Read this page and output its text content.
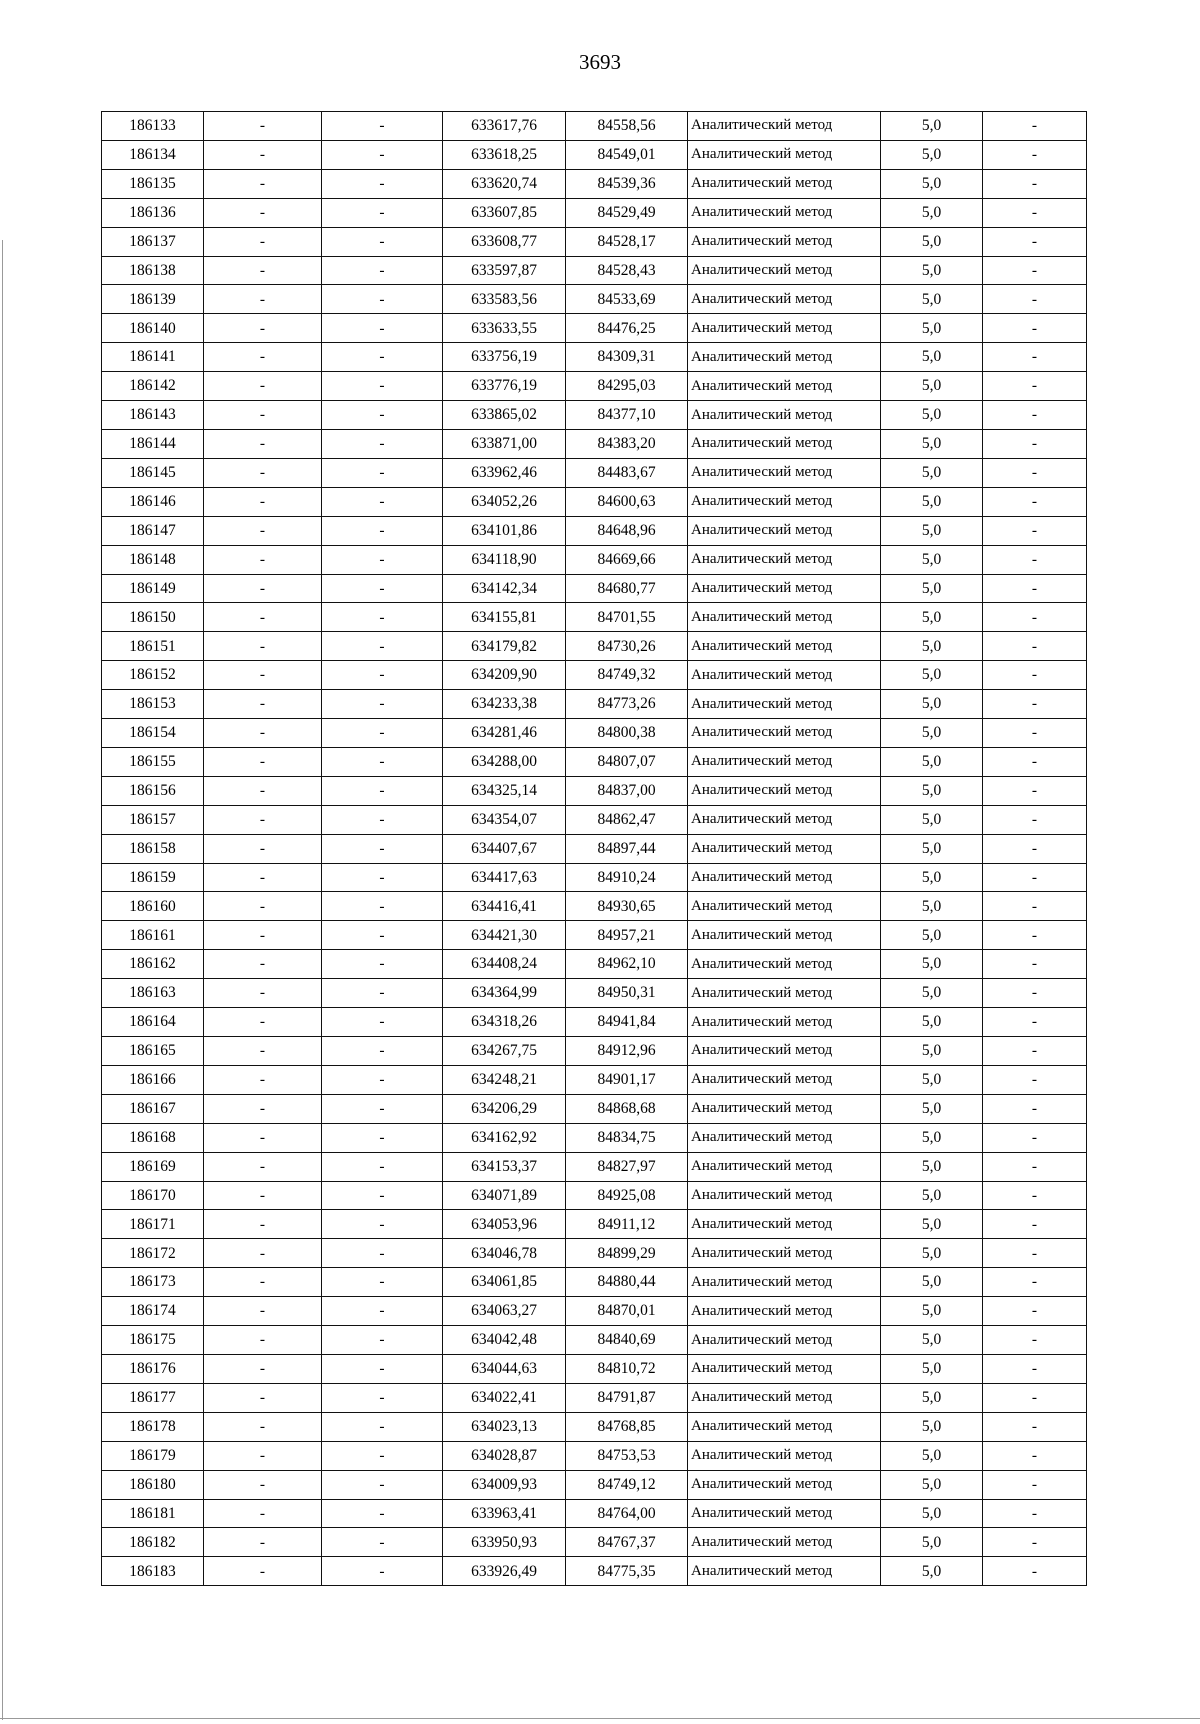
3693
186133	-	-	633617,76	84558,56	Аналитический метод	5,0	-
186134	-	-	633618,25	84549,01	Аналитический метод	5,0	-
186135	-	-	633620,74	84539,36	Аналитический метод	5,0	-
186136	-	-	633607,85	84529,49	Аналитический метод	5,0	-
186137	-	-	633608,77	84528,17	Аналитический метод	5,0	-
186138	-	-	633597,87	84528,43	Аналитический метод	5,0	-
186139	-	-	633583,56	84533,69	Аналитический метод	5,0	-
186140	-	-	633633,55	84476,25	Аналитический метод	5,0	-
186141	-	-	633756,19	84309,31	Аналитический метод	5,0	-
186142	-	-	633776,19	84295,03	Аналитический метод	5,0	-
186143	-	-	633865,02	84377,10	Аналитический метод	5,0	-
186144	-	-	633871,00	84383,20	Аналитический метод	5,0	-
186145	-	-	633962,46	84483,67	Аналитический метод	5,0	-
186146	-	-	634052,26	84600,63	Аналитический метод	5,0	-
186147	-	-	634101,86	84648,96	Аналитический метод	5,0	-
186148	-	-	634118,90	84669,66	Аналитический метод	5,0	-
186149	-	-	634142,34	84680,77	Аналитический метод	5,0	-
186150	-	-	634155,81	84701,55	Аналитический метод	5,0	-
186151	-	-	634179,82	84730,26	Аналитический метод	5,0	-
186152	-	-	634209,90	84749,32	Аналитический метод	5,0	-
186153	-	-	634233,38	84773,26	Аналитический метод	5,0	-
186154	-	-	634281,46	84800,38	Аналитический метод	5,0	-
186155	-	-	634288,00	84807,07	Аналитический метод	5,0	-
186156	-	-	634325,14	84837,00	Аналитический метод	5,0	-
186157	-	-	634354,07	84862,47	Аналитический метод	5,0	-
186158	-	-	634407,67	84897,44	Аналитический метод	5,0	-
186159	-	-	634417,63	84910,24	Аналитический метод	5,0	-
186160	-	-	634416,41	84930,65	Аналитический метод	5,0	-
186161	-	-	634421,30	84957,21	Аналитический метод	5,0	-
186162	-	-	634408,24	84962,10	Аналитический метод	5,0	-
186163	-	-	634364,99	84950,31	Аналитический метод	5,0	-
186164	-	-	634318,26	84941,84	Аналитический метод	5,0	-
186165	-	-	634267,75	84912,96	Аналитический метод	5,0	-
186166	-	-	634248,21	84901,17	Аналитический метод	5,0	-
186167	-	-	634206,29	84868,68	Аналитический метод	5,0	-
186168	-	-	634162,92	84834,75	Аналитический метод	5,0	-
186169	-	-	634153,37	84827,97	Аналитический метод	5,0	-
186170	-	-	634071,89	84925,08	Аналитический метод	5,0	-
186171	-	-	634053,96	84911,12	Аналитический метод	5,0	-
186172	-	-	634046,78	84899,29	Аналитический метод	5,0	-
186173	-	-	634061,85	84880,44	Аналитический метод	5,0	-
186174	-	-	634063,27	84870,01	Аналитический метод	5,0	-
186175	-	-	634042,48	84840,69	Аналитический метод	5,0	-
186176	-	-	634044,63	84810,72	Аналитический метод	5,0	-
186177	-	-	634022,41	84791,87	Аналитический метод	5,0	-
186178	-	-	634023,13	84768,85	Аналитический метод	5,0	-
186179	-	-	634028,87	84753,53	Аналитический метод	5,0	-
186180	-	-	634009,93	84749,12	Аналитический метод	5,0	-
186181	-	-	633963,41	84764,00	Аналитический метод	5,0	-
186182	-	-	633950,93	84767,37	Аналитический метод	5,0	-
186183	-	-	633926,49	84775,35	Аналитический метод	5,0	-
